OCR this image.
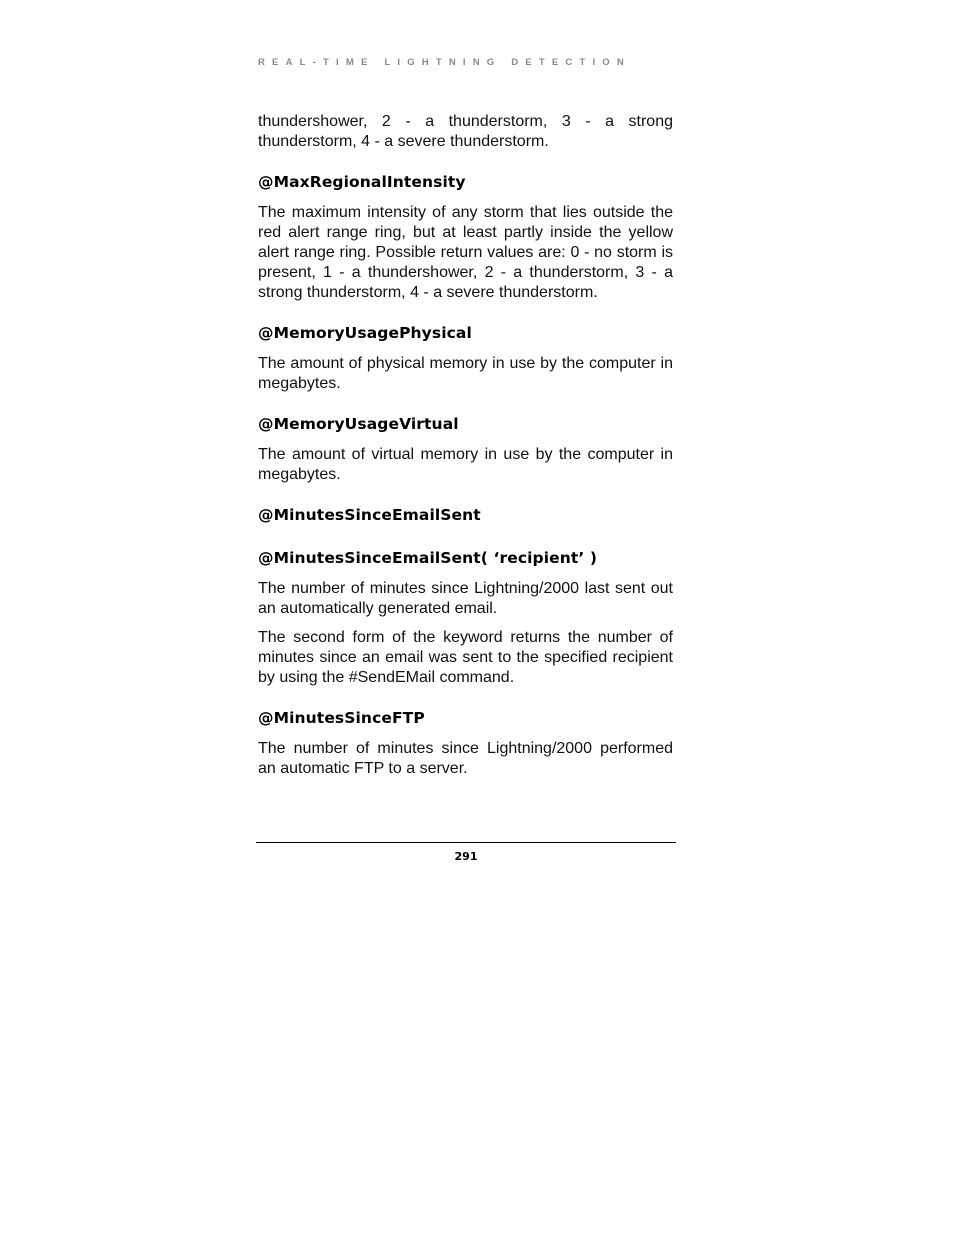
REAL-TIME LIGHTNING DETECTION

thundershower, 2 - a thunderstorm, 3 - a strong thunderstorm, 4 - a severe thunderstorm.

@MaxRegionalIntensity

The maximum intensity of any storm that lies outside the red alert range ring, but at least partly inside the yellow alert range ring. Possible return values are: 0 - no storm is present, 1 - a thundershower, 2 - a thunderstorm, 3 - a strong thunderstorm, 4 - a severe thunderstorm.

@MemoryUsagePhysical

The amount of physical memory in use by the computer in megabytes.

@MemoryUsageVirtual

The amount of virtual memory in use by the computer in megabytes.

@MinutesSinceEmailSent
@MinutesSinceEmailSent( ‘recipient’ )

The number of minutes since Lightning/2000 last sent out an automatically generated email.

The second form of the keyword returns the number of minutes since an email was sent to the specified recipient by using the #SendEMail command.

@MinutesSinceFTP

The number of minutes since Lightning/2000 performed an automatic FTP to a server.

291
